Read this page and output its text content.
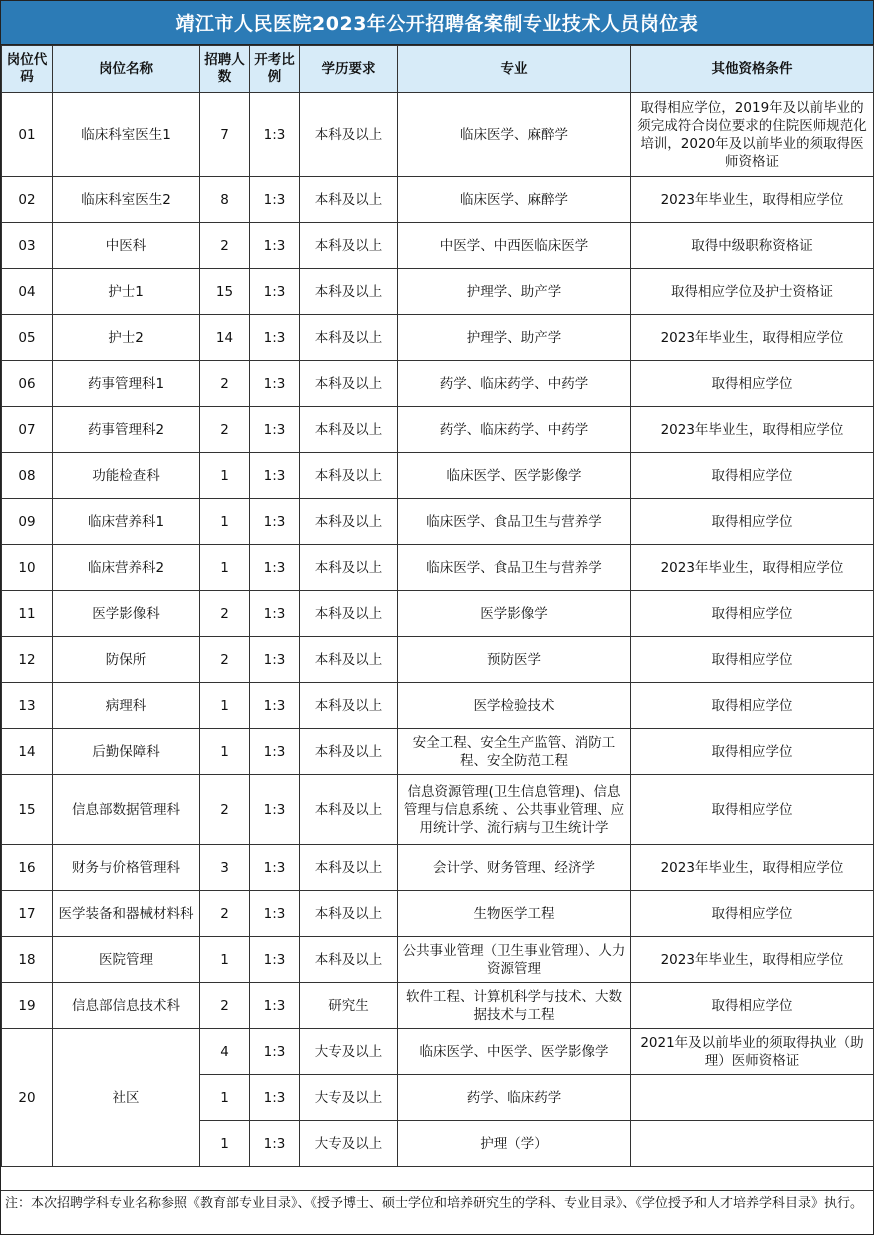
靖江市人民医院2023年公开招聘备案制专业技术人员岗位表
岗位代码	岗位名称	招聘人数	开考比例	学历要求	专业	其他资格条件
01	临床科室医生1	7	1:3	本科及以上	临床医学、麻醉学	取得相应学位，2019年及以前毕业的须完成符合岗位要求的住院医师规范化培训，2020年及以前毕业的须取得医师资格证
02	临床科室医生2	8	1:3	本科及以上	临床医学、麻醉学	2023年毕业生，取得相应学位
03	中医科	2	1:3	本科及以上	中医学、中西医临床医学	取得中级职称资格证
04	护士1	15	1:3	本科及以上	护理学、助产学	取得相应学位及护士资格证
05	护士2	14	1:3	本科及以上	护理学、助产学	2023年毕业生，取得相应学位
06	药事管理科1	2	1:3	本科及以上	药学、临床药学、中药学	取得相应学位
07	药事管理科2	2	1:3	本科及以上	药学、临床药学、中药学	2023年毕业生，取得相应学位
08	功能检查科	1	1:3	本科及以上	临床医学、医学影像学	取得相应学位
09	临床营养科1	1	1:3	本科及以上	临床医学、食品卫生与营养学	取得相应学位
10	临床营养科2	1	1:3	本科及以上	临床医学、食品卫生与营养学	2023年毕业生，取得相应学位
11	医学影像科	2	1:3	本科及以上	医学影像学	取得相应学位
12	防保所	2	1:3	本科及以上	预防医学	取得相应学位
13	病理科	1	1:3	本科及以上	医学检验技术	取得相应学位
14	后勤保障科	1	1:3	本科及以上	安全工程、安全生产监管、消防工程、安全防范工程	取得相应学位
15	信息部数据管理科	2	1:3	本科及以上	信息资源管理(卫生信息管理)、信息管理与信息系统 、公共事业管理、应用统计学、流行病与卫生统计学	取得相应学位
16	财务与价格管理科	3	1:3	本科及以上	会计学、财务管理、经济学	2023年毕业生，取得相应学位
17	医学装备和器械材料科	2	1:3	本科及以上	生物医学工程	取得相应学位
18	医院管理	1	1:3	本科及以上	公共事业管理（卫生事业管理）、人力资源管理	2023年毕业生，取得相应学位
19	信息部信息技术科	2	1:3	研究生	软件工程、计算机科学与技术、大数据技术与工程	取得相应学位
20	社区	4	1:3	大专及以上	临床医学、中医学、医学影像学	2021年及以前毕业的须取得执业（助理）医师资格证
		1	1:3	大专及以上	药学、临床药学	
		1	1:3	大专及以上	护理（学）	
注：本次招聘学科专业名称参照《教育部专业目录》、《授予博士、硕士学位和培养研究生的学科、专业目录》、《学位授予和人才培养学科目录》执行。
